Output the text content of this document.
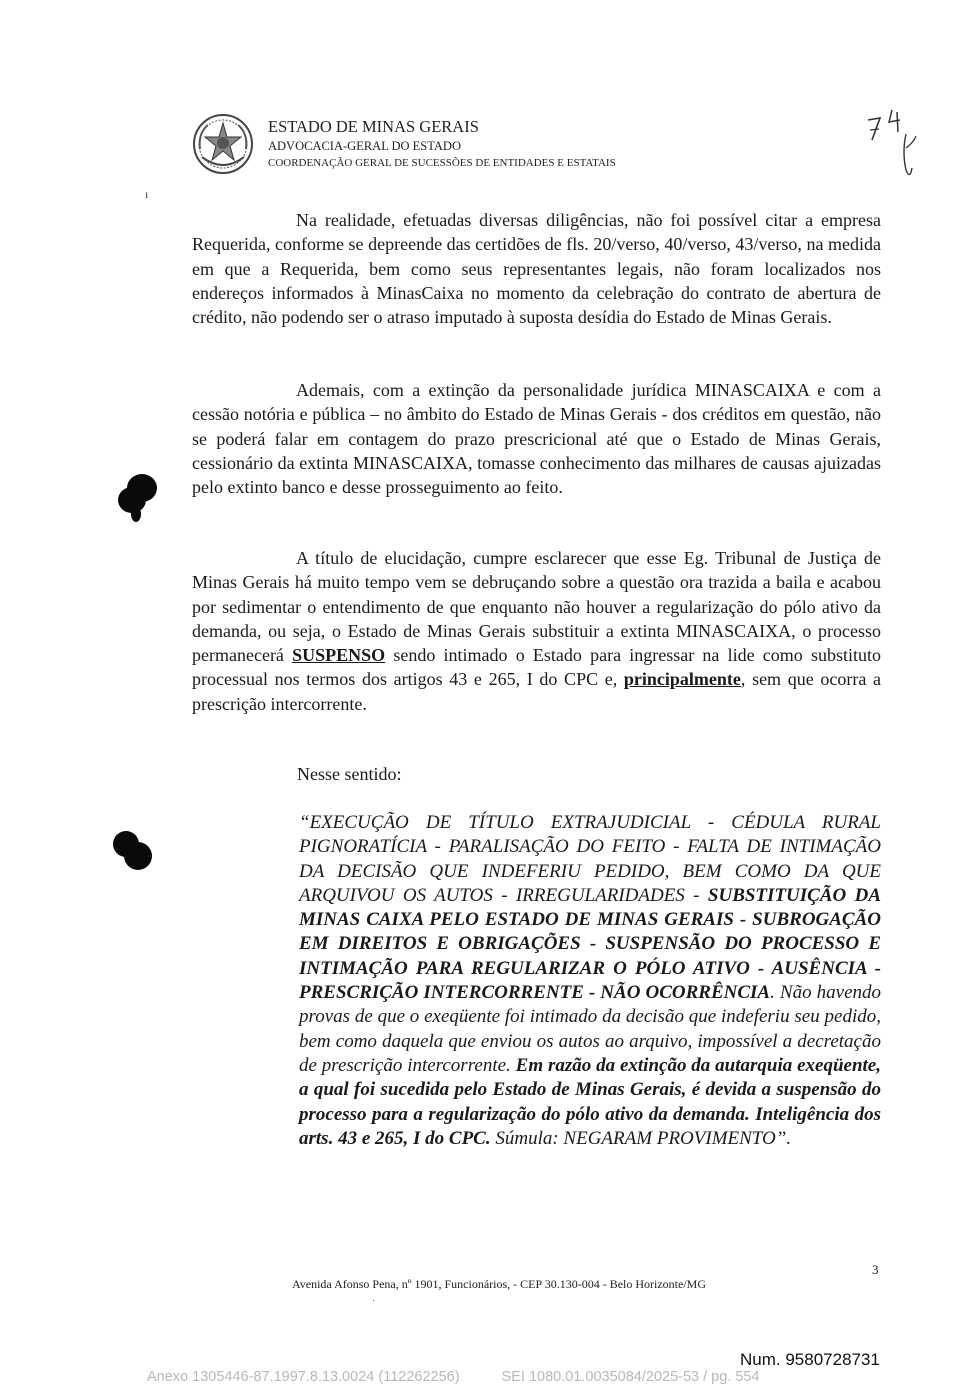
ESTADO DE MINAS GERAIS
ADVOCACIA-GERAL DO ESTADO
COORDENAÇÃO GERAL DE SUCESSÕES DE ENTIDADES E ESTATAIS
ı

Na realidade, efetuadas diversas diligências, não foi possível citar a empresa Requerida, conforme se depreende das certidões de fls. 20/verso, 40/verso, 43/verso, na medida em que a Requerida, bem como seus representantes legais, não foram localizados nos endereços informados à MinasCaixa no momento da celebração do contrato de abertura de crédito, não podendo ser o atraso imputado à suposta desídia do Estado de Minas Gerais.

Ademais, com a extinção da personalidade jurídica MINASCAIXA e com a cessão notória e pública – no âmbito do Estado de Minas Gerais - dos créditos em questão, não se poderá falar em contagem do prazo prescricional até que o Estado de Minas Gerais, cessionário da extinta MINASCAIXA, tomasse conhecimento das milhares de causas ajuizadas pelo extinto banco e desse prosseguimento ao feito.

A título de elucidação, cumpre esclarecer que esse Eg. Tribunal de Justiça de Minas Gerais há muito tempo vem se debruçando sobre a questão ora trazida a baila e acabou por sedimentar o entendimento de que enquanto não houver a regularização do pólo ativo da demanda, ou seja, o Estado de Minas Gerais substituir a extinta MINASCAIXA, o processo permanecerá SUSPENSO sendo intimado o Estado para ingressar na lide como substituto processual nos termos dos artigos 43 e 265, I do CPC e, principalmente, sem que ocorra a prescrição intercorrente.

Nesse sentido:

“EXECUÇÃO DE TÍTULO EXTRAJUDICIAL - CÉDULA RURAL PIGNORATÍCIA - PARALISAÇÃO DO FEITO - FALTA DE INTIMAÇÃO DA DECISÃO QUE INDEFERIU PEDIDO, BEM COMO DA QUE ARQUIVOU OS AUTOS - IRREGULARIDADES - SUBSTITUIÇÃO DA MINAS CAIXA PELO ESTADO DE MINAS GERAIS - SUBROGAÇÃO EM DIREITOS E OBRIGAÇÕES - SUSPENSÃO DO PROCESSO E INTIMAÇÃO PARA REGULARIZAR O PÓLO ATIVO - AUSÊNCIA - PRESCRIÇÃO INTERCORRENTE - NÃO OCORRÊNCIA. Não havendo provas de que o exeqüente foi intimado da decisão que indeferiu seu pedido, bem como daquela que enviou os autos ao arquivo, impossível a decretação de prescrição intercorrente. Em razão da extinção da autarquia exeqüente, a qual foi sucedida pelo Estado de Minas Gerais, é devida a suspensão do processo para a regularização do pólo ativo da demanda. Inteligência dos arts. 43 e 265, I do CPC. Súmula: NEGARAM PROVIMENTO”.

3
Avenida Afonso Pena, nº 1901, Funcionários, - CEP 30.130-004 - Belo Horizonte/MG
·
Num. 9580728731
Anexo 1305446-87.1997.8.13.0024 (112262256)	SEI 1080.01.0035084/2025-53 / pg. 554
